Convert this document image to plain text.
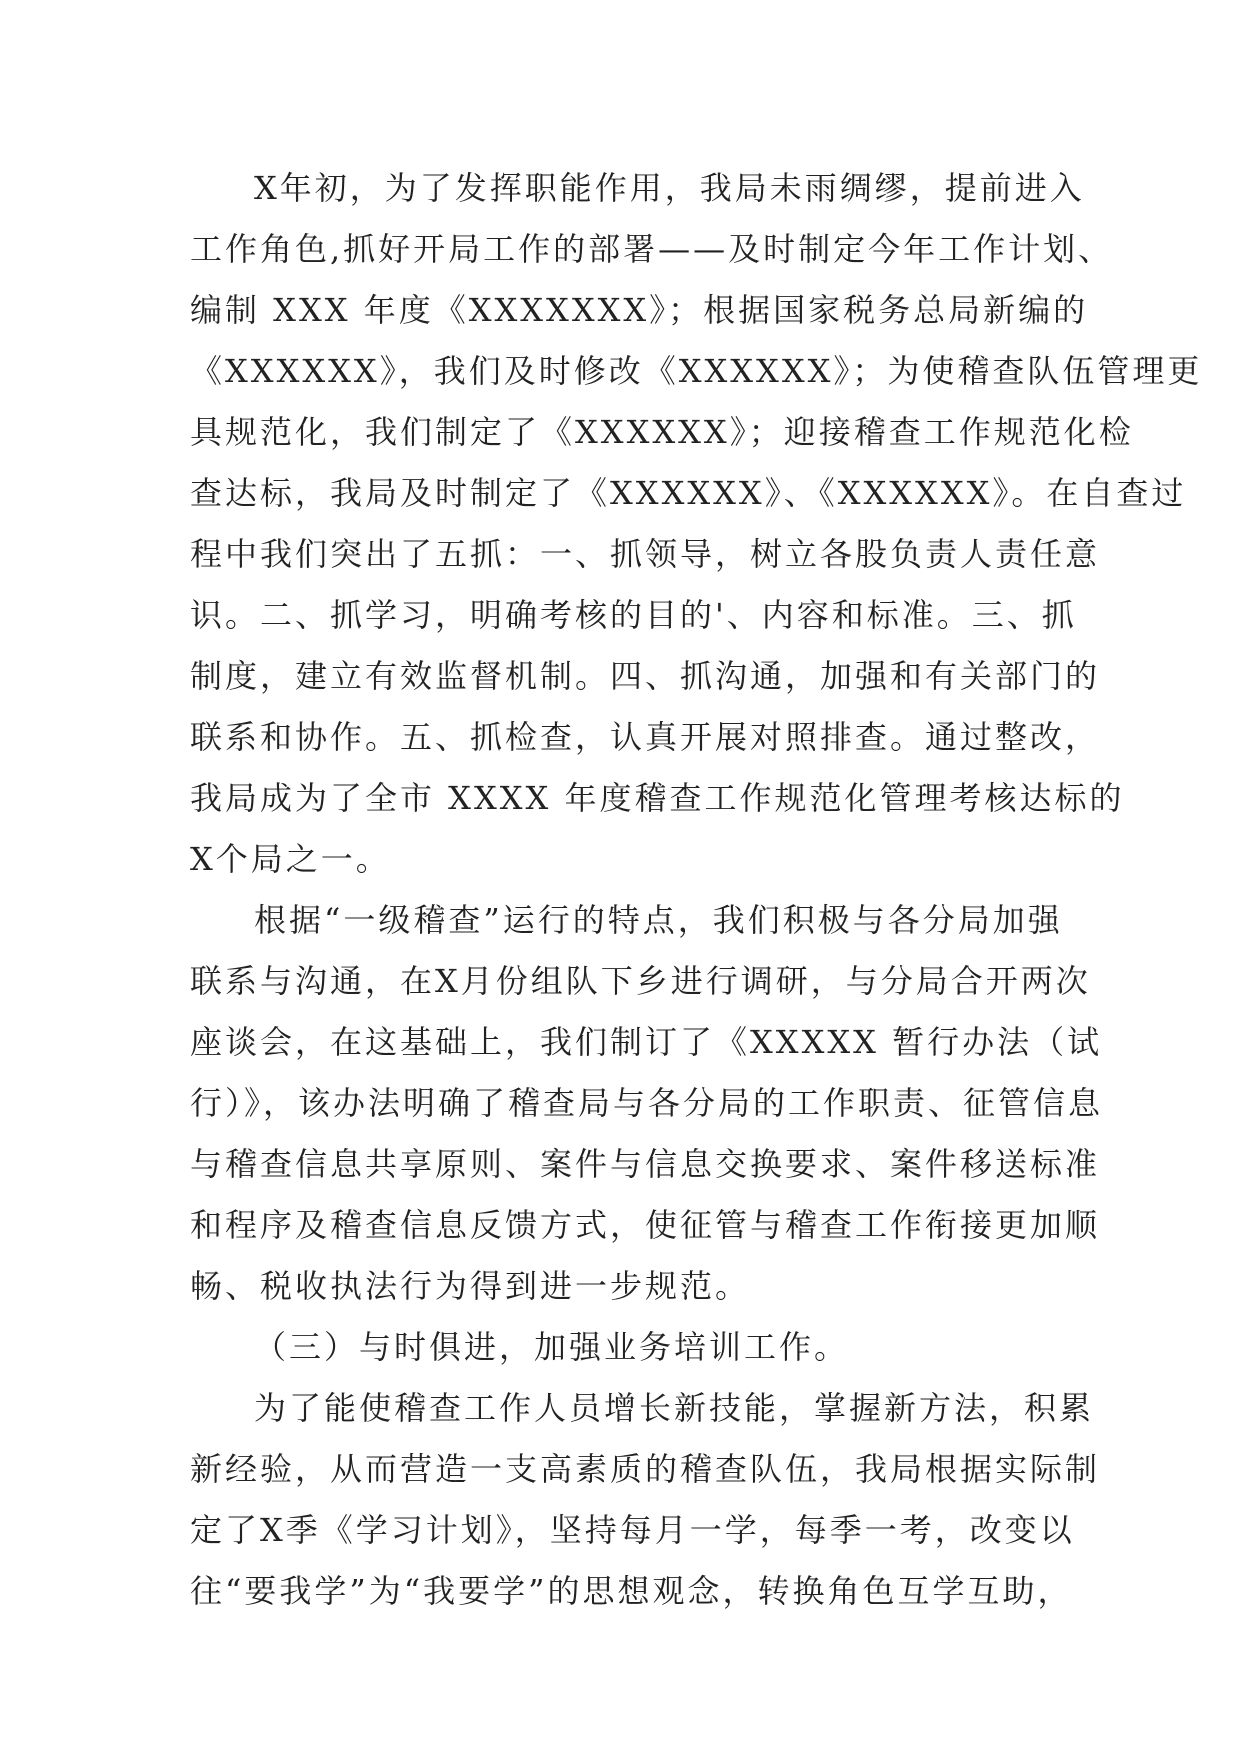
X年初，为了发挥职能作用，我局未雨绸缪，提前进入
工作角色,抓好开局工作的部署——及时制定今年工作计划、
编制 XXX 年度《XXXXXXX》；根据国家税务总局新编的
《XXXXXX》，我们及时修改《XXXXXX》；为使稽查队伍管理更
具规范化，我们制定了《XXXXXX》；迎接稽查工作规范化检
查达标，我局及时制定了《XXXXXX》、《XXXXXX》。在自查过
程中我们突出了五抓：一、抓领导，树立各股负责人责任意
识。二、抓学习，明确考核的目的'、内容和标准。三、抓
制度，建立有效监督机制。四、抓沟通，加强和有关部门的
联系和协作。五、抓检查，认真开展对照排查。通过整改，
我局成为了全市 XXXX 年度稽查工作规范化管理考核达标的
X个局之一。
根据“一级稽查”运行的特点，我们积极与各分局加强
联系与沟通，在X月份组队下乡进行调研，与分局合开两次
座谈会，在这基础上，我们制订了《XXXXX 暂行办法（试
行）》，该办法明确了稽查局与各分局的工作职责、征管信息
与稽查信息共享原则、案件与信息交换要求、案件移送标准
和程序及稽查信息反馈方式，使征管与稽查工作衔接更加顺
畅、税收执法行为得到进一步规范。
（三）与时俱进，加强业务培训工作。
为了能使稽查工作人员增长新技能，掌握新方法，积累
新经验，从而营造一支高素质的稽查队伍，我局根据实际制
定了X季《学习计划》，坚持每月一学，每季一考，改变以
往“要我学”为“我要学”的思想观念，转换角色互学互助，
